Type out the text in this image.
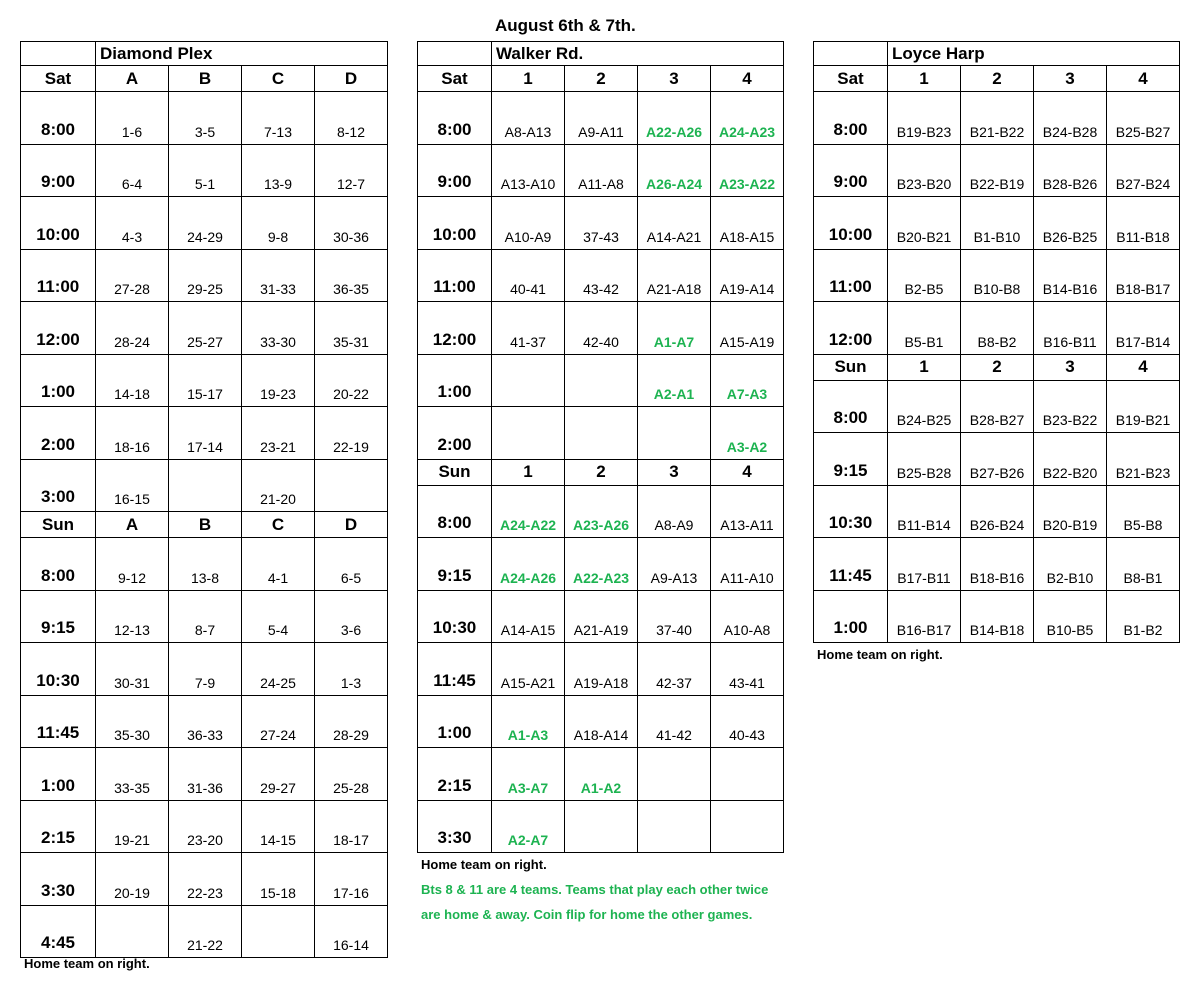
August 6th & 7th.
	Diamond Plex			
Sat	A	B	C	D
8:00	1-6	3-5	7-13	8-12
9:00	6-4	5-1	13-9	12-7
10:00	4-3	24-29	9-8	30-36
11:00	27-28	29-25	31-33	36-35
12:00	28-24	25-27	33-30	35-31
1:00	14-18	15-17	19-23	20-22
2:00	18-16	17-14	23-21	22-19
3:00	16-15		21-20	
Sun	A	B	C	D
8:00	9-12	13-8	4-1	6-5
9:15	12-13	8-7	5-4	3-6
10:30	30-31	7-9	24-25	1-3
11:45	35-30	36-33	27-24	28-29
1:00	33-35	31-36	29-27	25-28
2:15	19-21	23-20	14-15	18-17
3:30	20-19	22-23	15-18	17-16
4:45		21-22		16-14
	Walker Rd.			
Sat	1	2	3	4
8:00	A8-A13	A9-A11	A22-A26	A24-A23
9:00	A13-A10	A11-A8	A26-A24	A23-A22
10:00	A10-A9	37-43	A14-A21	A18-A15
11:00	40-41	43-42	A21-A18	A19-A14
12:00	41-37	42-40	A1-A7	A15-A19
1:00			A2-A1	A7-A3
2:00				A3-A2
Sun	1	2	3	4
8:00	A24-A22	A23-A26	A8-A9	A13-A11
9:15	A24-A26	A22-A23	A9-A13	A11-A10
10:30	A14-A15	A21-A19	37-40	A10-A8
11:45	A15-A21	A19-A18	42-37	43-41
1:00	A1-A3	A18-A14	41-42	40-43
2:15	A3-A7	A1-A2		
3:30	A2-A7			
	Loyce Harp			
Sat	1	2	3	4
8:00	B19-B23	B21-B22	B24-B28	B25-B27
9:00	B23-B20	B22-B19	B28-B26	B27-B24
10:00	B20-B21	B1-B10	B26-B25	B11-B18
11:00	B2-B5	B10-B8	B14-B16	B18-B17
12:00	B5-B1	B8-B2	B16-B11	B17-B14
Sun	1	2	3	4
8:00	B24-B25	B28-B27	B23-B22	B19-B21
9:15	B25-B28	B27-B26	B22-B20	B21-B23
10:30	B11-B14	B26-B24	B20-B19	B5-B8
11:45	B17-B11	B18-B16	B2-B10	B8-B1
1:00	B16-B17	B14-B18	B10-B5	B1-B2
Home team on right.
Home team on right.
Bts 8 & 11 are 4 teams. Teams that play each other twice are home & away. Coin flip for home the other games.
Home team on right.
